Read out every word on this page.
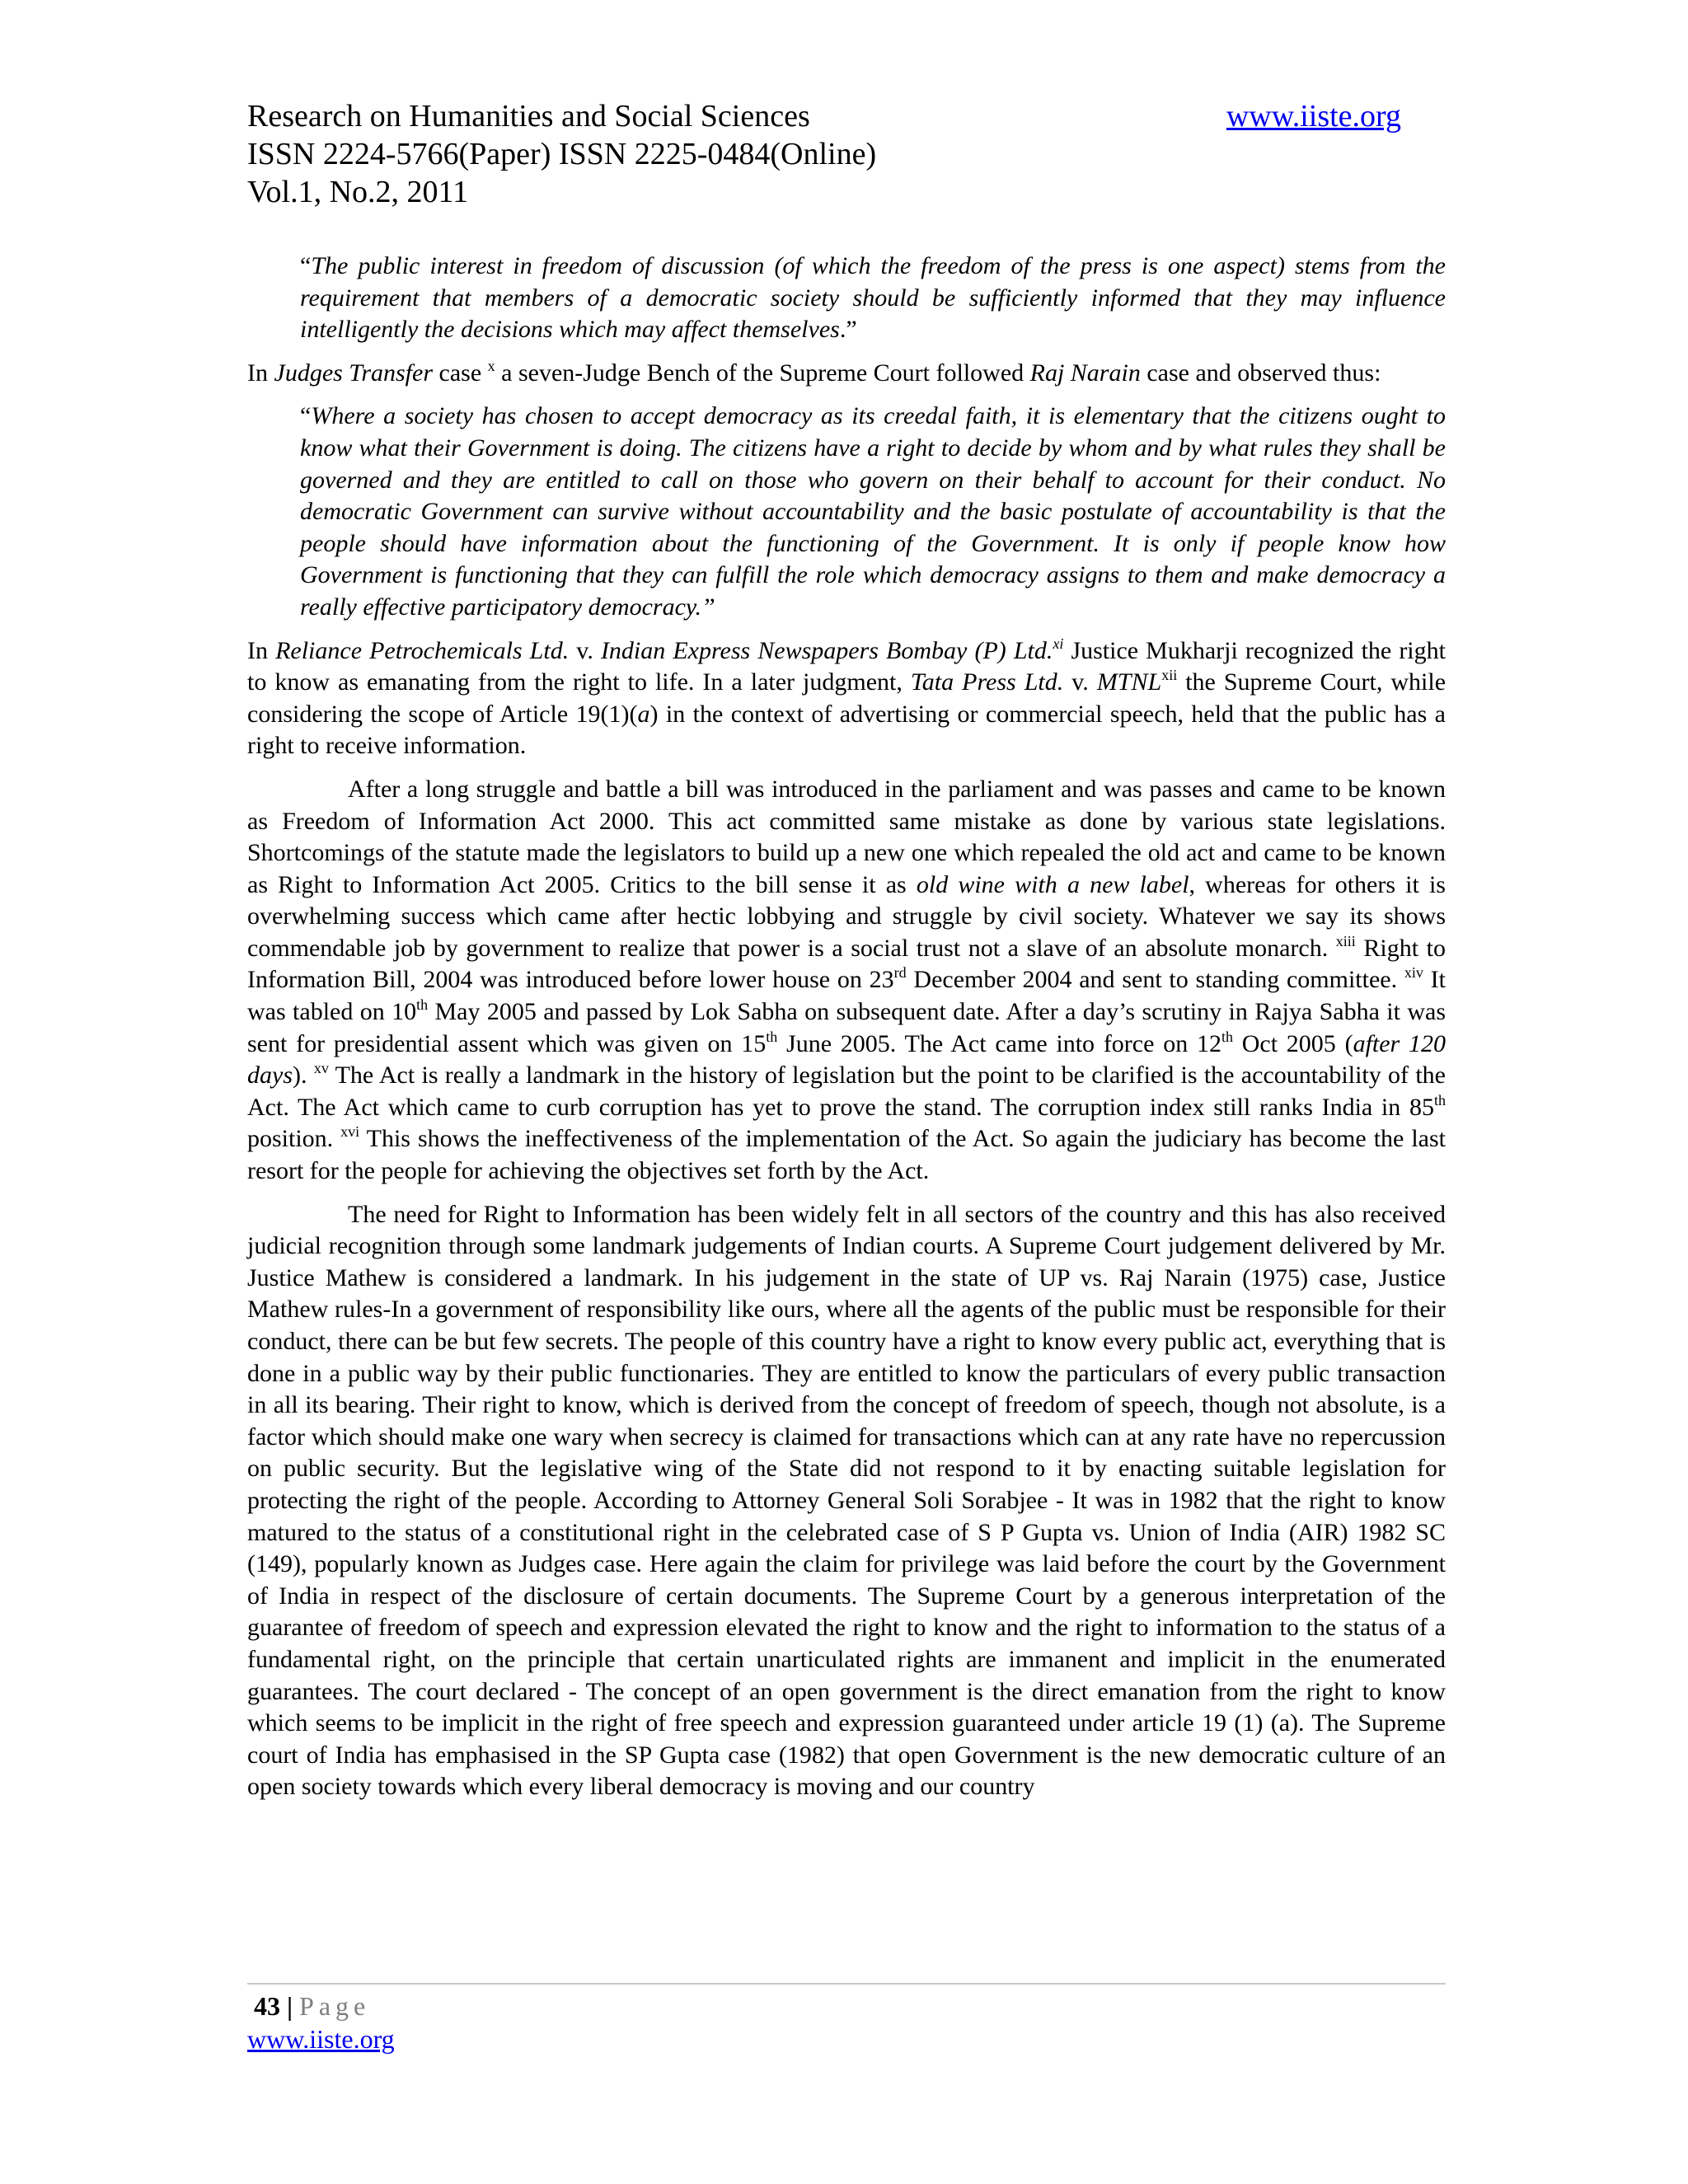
Research on Humanities and Social Sciences	www.iiste.org
ISSN 2224-5766(Paper) ISSN 2225-0484(Online)
Vol.1, No.2, 2011
“The public interest in freedom of discussion (of which the freedom of the press is one aspect) stems from the requirement that members of a democratic society should be sufficiently informed that they may influence intelligently the decisions which may affect themselves.”

In Judges Transfer case $^x$ a seven-Judge Bench of the Supreme Court followed Raj Narain case and observed thus:

“Where a society has chosen to accept democracy as its creedal faith, it is elementary that the citizens ought to know what their Government is doing. The citizens have a right to decide by whom and by what rules they shall be governed and they are entitled to call on those who govern on their behalf to account for their conduct. No democratic Government can survive without accountability and the basic postulate of accountability is that the people should have information about the functioning of the Government. It is only if people know how Government is functioning that they can fulfill the role which democracy assigns to them and make democracy a really effective participatory democracy.”

In Reliance Petrochemicals Ltd. v. Indian Express Newspapers Bombay (P) Ltd.$^{xi}$ Justice Mukharji recognized the right to know as emanating from the right to life. In a later judgment, Tata Press Ltd. v. MTNL$^{xii}$ the Supreme Court, while considering the scope of Article 19(1)(a) in the context of advertising or commercial speech, held that the public has a right to receive information.

After a long struggle and battle a bill was introduced in the parliament and was passes and came to be known as Freedom of Information Act 2000. This act committed same mistake as done by various state legislations. Shortcomings of the statute made the legislators to build up a new one which repealed the old act and came to be known as Right to Information Act 2005. Critics to the bill sense it as old wine with a new label, whereas for others it is overwhelming success which came after hectic lobbying and struggle by civil society. Whatever we say its shows commendable job by government to realize that power is a social trust not a slave of an absolute monarch. $^{xiii}$ Right to Information Bill, 2004 was introduced before lower house on 23rd December 2004 and sent to standing committee. $^{xiv}$ It was tabled on 10th May 2005 and passed by Lok Sabha on subsequent date. After a day’s scrutiny in Rajya Sabha it was sent for presidential assent which was given on 15th June 2005. The Act came into force on 12th Oct 2005 (after 120 days). $^{xv}$ The Act is really a landmark in the history of legislation but the point to be clarified is the accountability of the Act. The Act which came to curb corruption has yet to prove the stand. The corruption index still ranks India in 85th position. $^{xvi}$ This shows the ineffectiveness of the implementation of the Act. So again the judiciary has become the last resort for the people for achieving the objectives set forth by the Act.

The need for Right to Information has been widely felt in all sectors of the country and this has also received judicial recognition through some landmark judgements of Indian courts. A Supreme Court judgement delivered by Mr. Justice Mathew is considered a landmark. In his judgement in the state of UP vs. Raj Narain (1975) case, Justice Mathew rules-In a government of responsibility like ours, where all the agents of the public must be responsible for their conduct, there can be but few secrets. The people of this country have a right to know every public act, everything that is done in a public way by their public functionaries. They are entitled to know the particulars of every public transaction in all its bearing. Their right to know, which is derived from the concept of freedom of speech, though not absolute, is a factor which should make one wary when secrecy is claimed for transactions which can at any rate have no repercussion on public security. But the legislative wing of the State did not respond to it by enacting suitable legislation for protecting the right of the people. According to Attorney General Soli Sorabjee - It was in 1982 that the right to know matured to the status of a constitutional right in the celebrated case of S P Gupta vs. Union of India (AIR) 1982 SC (149), popularly known as Judges case. Here again the claim for privilege was laid before the court by the Government of India in respect of the disclosure of certain documents. The Supreme Court by a generous interpretation of the guarantee of freedom of speech and expression elevated the right to know and the right to information to the status of a fundamental right, on the principle that certain unarticulated rights are immanent and implicit in the enumerated guarantees. The court declared - The concept of an open government is the direct emanation from the right to know which seems to be implicit in the right of free speech and expression guaranteed under article 19 (1) (a). The Supreme court of India has emphasised in the SP Gupta case (1982) that open Government is the new democratic culture of an open society towards which every liberal democracy is moving and our country

43 | Page
www.iiste.org
